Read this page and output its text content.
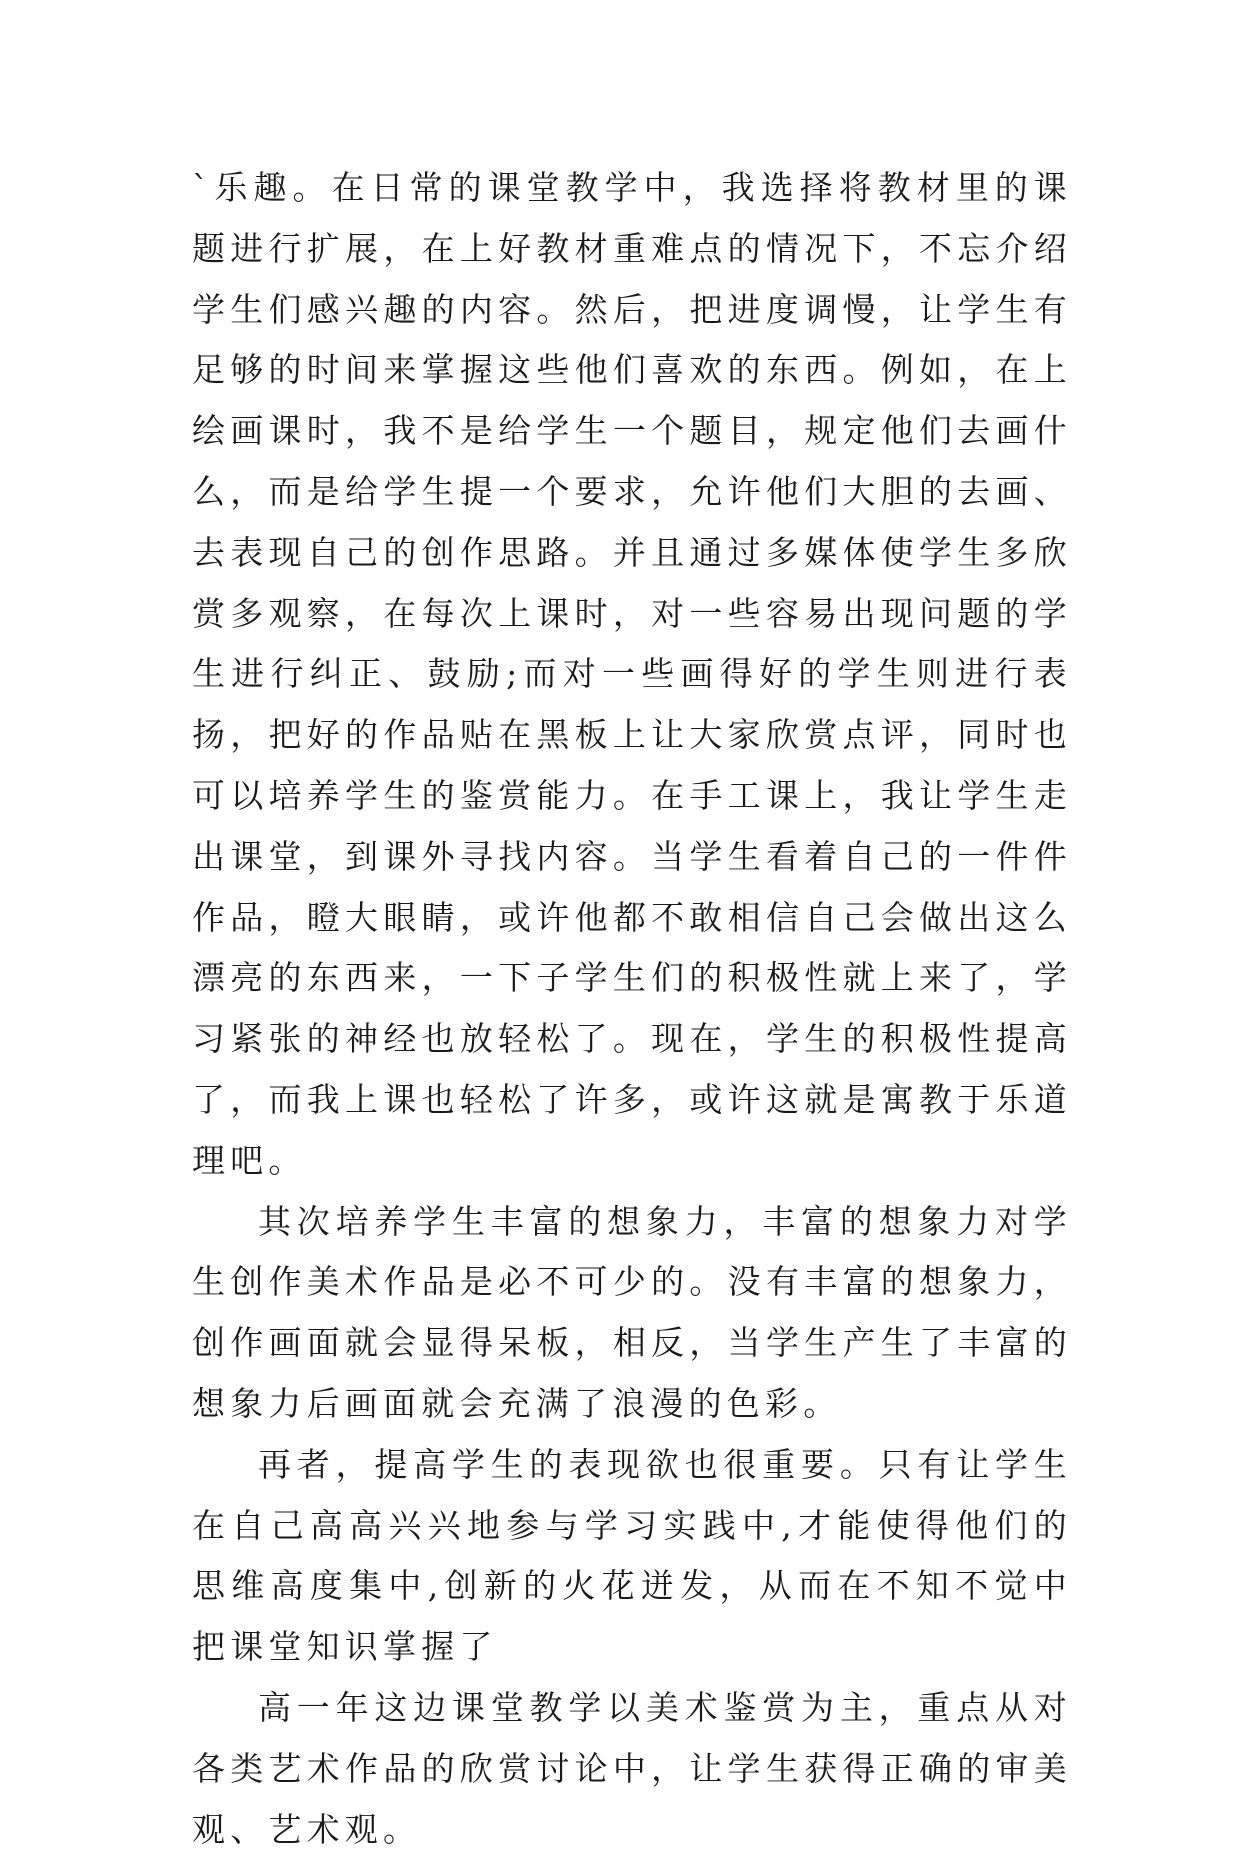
`乐趣。在日常的课堂教学中，我选择将教材里的课题进行扩展，在上好教材重难点的情况下，不忘介绍学生们感兴趣的内容。然后，把进度调慢，让学生有足够的时间来掌握这些他们喜欢的东西。例如，在上绘画课时，我不是给学生一个题目，规定他们去画什么，而是给学生提一个要求，允许他们大胆的去画、去表现自己的创作思路。并且通过多媒体使学生多欣赏多观察，在每次上课时，对一些容易出现问题的学生进行纠正、鼓励;而对一些画得好的学生则进行表扬，把好的作品贴在黑板上让大家欣赏点评，同时也可以培养学生的鉴赏能力。在手工课上，我让学生走出课堂，到课外寻找内容。当学生看着自己的一件件作品，瞪大眼睛，或许他都不敢相信自己会做出这么漂亮的东西来，一下子学生们的积极性就上来了，学习紧张的神经也放轻松了。现在，学生的积极性提高了，而我上课也轻松了许多，或许这就是寓教于乐道理吧。

其次培养学生丰富的想象力，丰富的想象力对学生创作美术作品是必不可少的。没有丰富的想象力，创作画面就会显得呆板，相反，当学生产生了丰富的想象力后画面就会充满了浪漫的色彩。

再者，提高学生的表现欲也很重要。只有让学生在自己高高兴兴地参与学习实践中,才能使得他们的思维高度集中,创新的火花迸发，从而在不知不觉中把课堂知识掌握了

高一年这边课堂教学以美术鉴赏为主，重点从对各类艺术作品的欣赏讨论中，让学生获得正确的审美观、艺术观。
